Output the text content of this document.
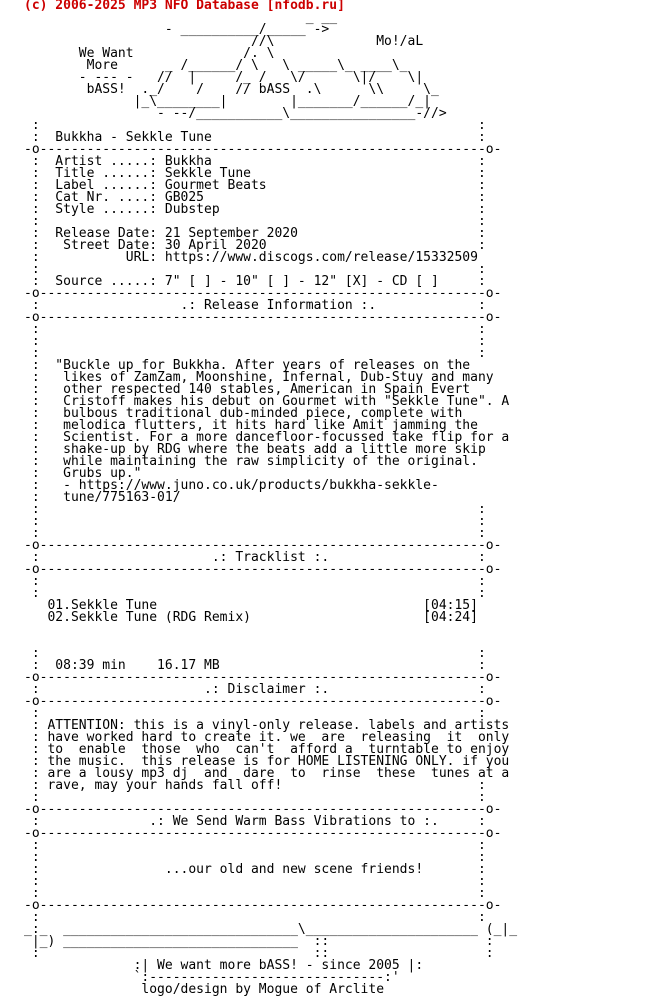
(c) 2006-2025 MP3 NFO Database [nfodb.ru]
_ __
- __________/_____ ->
//\             Mo!/aL
We Want              /. \
More      _ /______/ \   \ _____\_ ____\_
- --- -   //  |     /_ /   \/      \|/    \|
bASS!  ._/    /    // bASS  .\      \\     \_
|_\________|        |_______/______/_|
- --/___________\________________-//>
:                                                        :
:  Bukkha - Sekkle Tune                                  :
-o---------------------------------------------------------o-
:  Artist .....: Bukkha                                  :
:  Title ......: Sekkle Tune                             :
:  Label ......: Gourmet Beats                           :
:  Cat Nr. ....: GB025                                   :
:  Style ......: Dubstep                                 :
:                                                        :
:  Release Date: 21 September 2020                       :
:   Street Date: 30 April 2020                           :
:           URL: https://www.discogs.com/release/15332509
:                                                        :
:  Source .....: 7" [ ] - 10" [ ] - 12" [X] - CD [ ]     :
-o---------------------------------------------------------o-
:                  .: Release Information :.             :
-o---------------------------------------------------------o-
:                                                        :
:                                                        :
:                                                        :
:  "Buckle up for Bukkha. After years of releases on the
:   likes of ZamZam, Moonshine, Infernal, Dub-Stuy and many
:   other respected 140 stables, American in Spain Evert
:   Cristoff makes his debut on Gourmet with "Sekkle Tune". A
:   bulbous traditional dub-minded piece, complete with
:   melodica flutters, it hits hard like Amit jamming the
:   Scientist. For a more dancefloor-focussed take flip for a
:   shake-up by RDG where the beats add a little more skip
:   while maintaining the raw simplicity of the original.
:   Grubs up."
:   - https://www.juno.co.uk/products/bukkha-sekkle-
:   tune/775163-01/
:                                                        :
:                                                        :
:                                                        :
-o---------------------------------------------------------o-
:                      .: Tracklist :.                   :
-o---------------------------------------------------------o-
:                                                        :
:                                                        :
01.Sekkle Tune                                  [04:15]
02.Sekkle Tune (RDG Remix)                      [04:24]

:                                                        :
:  08:39 min    16.17 MB                                 :
-o---------------------------------------------------------o-
:                     .: Disclaimer :.                   :
-o---------------------------------------------------------o-
:                                                        :
: ATTENTION: this is a vinyl-only release. labels and artists
: have worked hard to create it. we  are  releasing  it  only
: to  enable  those  who  can't  afford a  turntable to enjoy
: the music.  this release is for HOME LISTENING ONLY. if you
: are a lousy mp3 dj  and  dare  to  rinse  these  tunes at a
: rave, may your hands fall off!                         :
:                                                        :
-o---------------------------------------------------------o-
:              .: We Send Warm Bass Vibrations to :.     :
-o---------------------------------------------------------o-
:                                                        :
:                                                        :
:                ...our old and new scene friends!       :
:                                                        :
:                                                        :
-o---------------------------------------------------------o-
:                                                        :
_:_  ______________________________\______________________ (_|_
|_) ______________________________  ::                    :
:                                   ::                    :
:| We want more bASS! - since 2005 |:
`:------------------------------:'
logo/design by Mogue of Arclite
